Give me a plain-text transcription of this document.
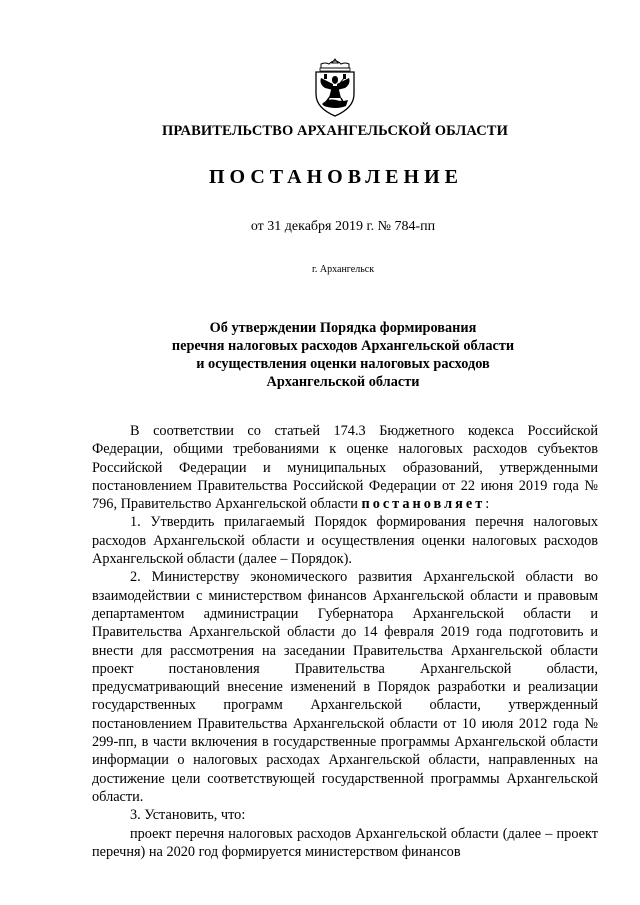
ПРАВИТЕЛЬСТВО АРХАНГЕЛЬСКОЙ ОБЛАСТИ
ПОСТАНОВЛЕНИЕ
от 31 декабря 2019 г. № 784-пп
г. Архангельск
Об утверждении Порядка формирования
перечня налоговых расходов Архангельской области
и осуществления оценки налоговых расходов
Архангельской области

В соответствии со статьей 174.3 Бюджетного кодекса Российской Федерации, общими требованиями к оценке налоговых расходов субъектов Российской Федерации и муниципальных образований, утвержденными постановлением Правительства Российской Федерации от 22 июня 2019 года № 796, Правительство Архангельской области постановляет:

1. Утвердить прилагаемый Порядок формирования перечня налоговых расходов Архангельской области и осуществления оценки налоговых расходов Архангельской области (далее – Порядок).

2. Министерству экономического развития Архангельской области во взаимодействии с министерством финансов Архангельской области и правовым департаментом администрации Губернатора Архангельской области и Правительства Архангельской области до 14 февраля 2019 года подготовить и внести для рассмотрения на заседании Правительства Архангельской области проект постановления Правительства Архангельской области, предусматривающий внесение изменений в Порядок разработки и реализации государственных программ Архангельской области, утвержденный постановлением Правительства Архангельской области от 10 июля 2012 года № 299-пп, в части включения в государственные программы Архангельской области информации о налоговых расходах Архангельской области, направленных на достижение цели соответствующей государственной программы Архангельской области.

3. Установить, что:

проект перечня налоговых расходов Архангельской области (далее – проект перечня) на 2020 год формируется министерством финансов
